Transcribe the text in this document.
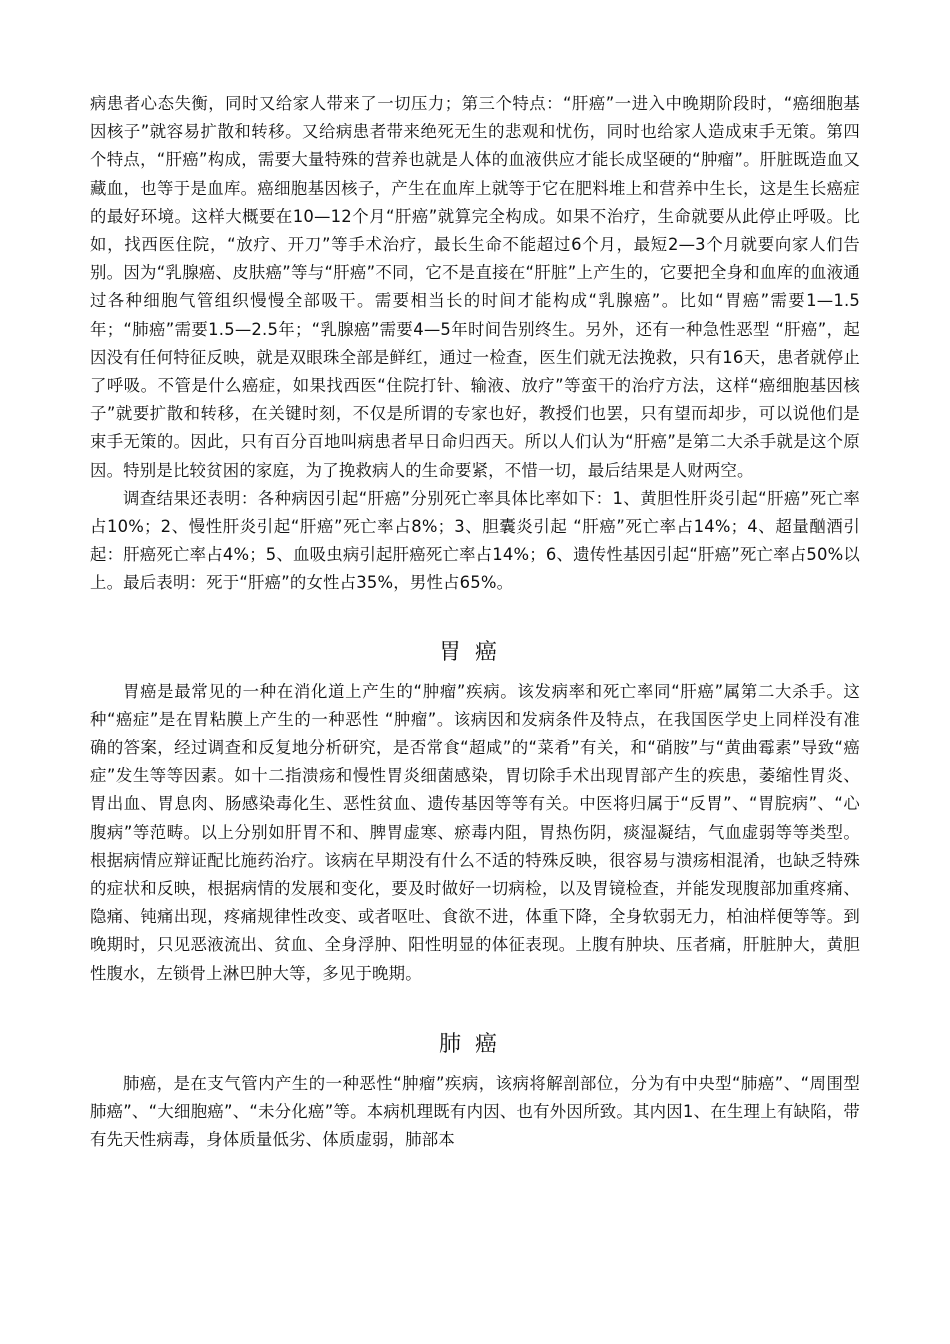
病患者心态失衡，同时又给家人带来了一切压力；第三个特点：“肝癌”一进入中晚期阶段时，“癌细胞基因核子”就容易扩散和转移。又给病患者带来绝死无生的悲观和忧伤，同时也给家人造成束手无策。第四个特点，“肝癌”构成，需要大量特殊的营养也就是人体的血液供应才能长成坚硬的“肿瘤”。肝脏既造血又藏血，也等于是血库。癌细胞基因核子，产生在血库上就等于它在肥料堆上和营养中生长，这是生长癌症的最好环境。这样大概要在10—12个月“肝癌”就算完全构成。如果不治疗，生命就要从此停止呼吸。比如，找西医住院，“放疗、开刀”等手术治疗，最长生命不能超过6个月，最短2—3个月就要向家人们告别。因为“乳腺癌、皮肤癌”等与“肝癌”不同，它不是直接在“肝脏”上产生的，它要把全身和血库的血液通过各种细胞气管组织慢慢全部吸干。需要相当长的时间才能构成“乳腺癌”。比如“胃癌”需要1—1.5年；“肺癌”需要1.5—2.5年；“乳腺癌”需要4—5年时间告别终生。另外，还有一种急性恶型 “肝癌”，起因没有任何特征反映，就是双眼珠全部是鲜红，通过一检查，医生们就无法挽救，只有16天，患者就停止了呼吸。不管是什么癌症，如果找西医“住院打针、输液、放疗”等蛮干的治疗方法，这样“癌细胞基因核子”就要扩散和转移，在关键时刻，不仅是所谓的专家也好，教授们也罢，只有望而却步，可以说他们是束手无策的。因此，只有百分百地叫病患者早日命归西天。所以人们认为“肝癌”是第二大杀手就是这个原因。特别是比较贫困的家庭，为了挽救病人的生命要紧，不惜一切，最后结果是人财两空。

调查结果还表明：各种病因引起“肝癌”分别死亡率具体比率如下：1、黄胆性肝炎引起“肝癌”死亡率占10%；2、慢性肝炎引起“肝癌”死亡率占8%；3、胆囊炎引起 “肝癌”死亡率占14%；4、超量酗酒引起：肝癌死亡率占4%；5、血吸虫病引起肝癌死亡率占14%；6、遗传性基因引起“肝癌”死亡率占50%以上。最后表明：死于“肝癌”的女性占35%，男性占65%。

胃癌

胃癌是最常见的一种在消化道上产生的“肿瘤”疾病。该发病率和死亡率同“肝癌”属第二大杀手。这种“癌症”是在胃粘膜上产生的一种恶性 “肿瘤”。该病因和发病条件及特点，在我国医学史上同样没有准确的答案，经过调查和反复地分析研究，是否常食“超咸”的“菜肴”有关，和“硝胺”与“黄曲霉素”导致“癌症”发生等等因素。如十二指溃疡和慢性胃炎细菌感染，胃切除手术出现胃部产生的疾患，萎缩性胃炎、胃出血、胃息肉、肠感染毒化生、恶性贫血、遗传基因等等有关。中医将归属于“反胃”、“胃脘病”、“心腹病”等范畴。以上分别如肝胃不和、脾胃虚寒、瘀毒内阻，胃热伤阴，痰湿凝结，气血虚弱等等类型。根据病情应辩证配比施药治疗。该病在早期没有什么不适的特殊反映，很容易与溃疡相混淆，也缺乏特殊的症状和反映，根据病情的发展和变化，要及时做好一切病检，以及胃镜检查，并能发现腹部加重疼痛、隐痛、钝痛出现，疼痛规律性改变、或者呕吐、食欲不进，体重下降，全身软弱无力，柏油样便等等。到晚期时，只见恶液流出、贫血、全身浮肿、阳性明显的体征表现。上腹有肿块、压者痛，肝脏肿大，黄胆性腹水，左锁骨上淋巴肿大等，多见于晚期。

肺癌

肺癌，是在支气管内产生的一种恶性“肿瘤”疾病，该病将解剖部位，分为有中央型“肺癌”、“周围型肺癌”、“大细胞癌”、“未分化癌”等。本病机理既有内因、也有外因所致。其内因1、在生理上有缺陷，带有先天性病毒，身体质量低劣、体质虚弱，肺部本
